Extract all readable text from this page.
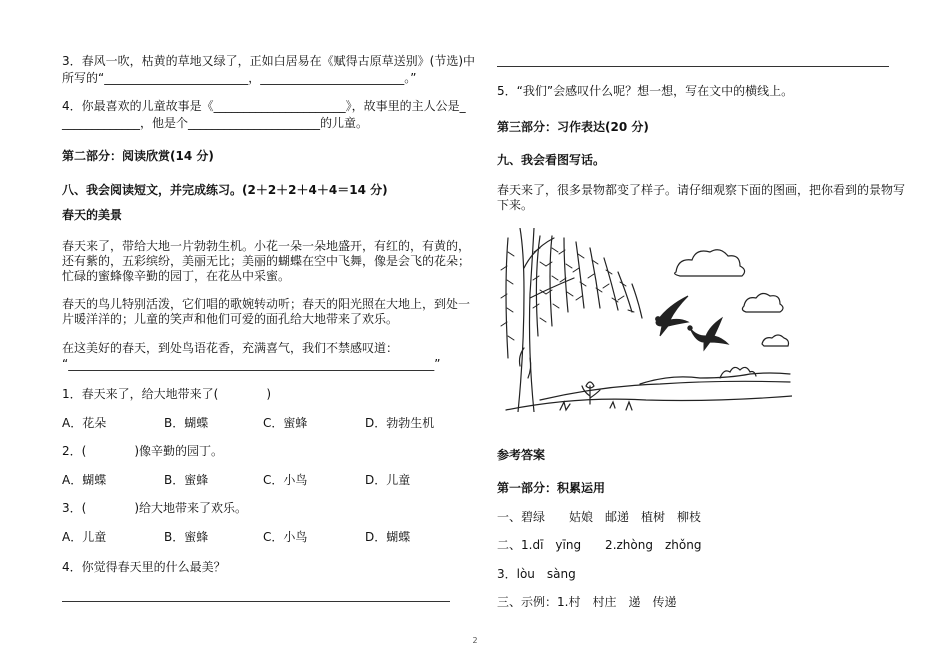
3．春风一吹，枯黄的草地又绿了，正如白居易在《赋得古原草送别》(节选)中
所写的“________________________，________________________。”
4．你最喜欢的儿童故事是《______________________》，故事里的主人公是_
_____________，他是个______________________的儿童。
第二部分：阅读欣赏(14 分)
八、我会阅读短文，并完成练习。(2＋2＋2＋4＋4＝14 分)
春天的美景
春天来了，带给大地一片勃勃生机。小花一朵一朵地盛开，有红的，有黄的，
还有紫的，五彩缤纷，美丽无比；美丽的蝴蝶在空中飞舞，像是会飞的花朵；
忙碌的蜜蜂像辛勤的园丁，在花丛中采蜜。
春天的鸟儿特别活泼，它们唱的歌婉转动听；春天的阳光照在大地上，到处一
片暖洋洋的；儿童的笑声和他们可爱的面孔给大地带来了欢乐。
在这美好的春天，到处鸟语花香，充满喜气，我们不禁感叹道：
“_____________________________________________________________”
1．春天来了，给大地带来了(　　　　)
A．花朵	B．蝴蝶	C．蜜蜂	D．勃勃生机
2．(　　　　)像辛勤的园丁。
A．蝴蝶	B．蜜蜂	C．小鸟	D．儿童
3．(　　　　)给大地带来了欢乐。
A．儿童	B．蜜蜂	C．小鸟	D．蝴蝶
4．你觉得春天里的什么最美？
5．“我们”会感叹什么呢？想一想，写在文中的横线上。
第三部分：习作表达(20 分)
九、我会看图写话。
春天来了，很多景物都变了样子。请仔细观察下面的图画，把你看到的景物写
下来。
参考答案
第一部分：积累运用
一、碧绿　　姑娘　邮递　植树　柳枝
二、1.dī　yīng　　2.zhòng　zhǒng
3．lòu　sàng
三、示例：1.村　村庄　递　传递
2
